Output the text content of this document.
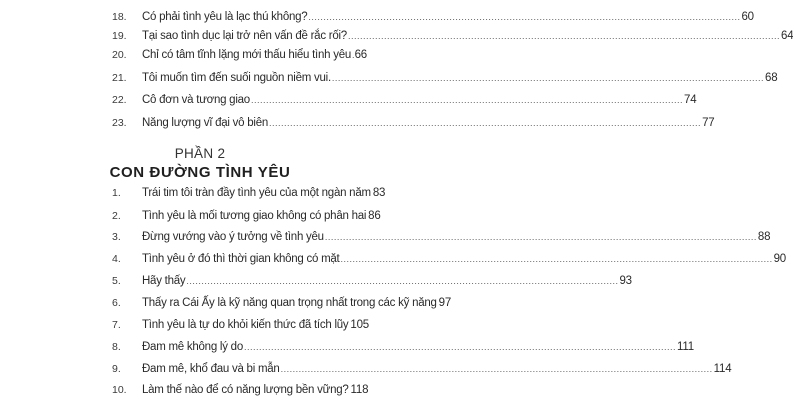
18.	Có phải tình yêu là lạc thú không? ................................................................................................................................................ 60
19.	Tại sao tình dục lại trở nên vấn đề rắc rối? ................................................................................................................................................ 64
20.	Chỉ có tâm tĩnh lặng mới thấu hiểu tình yêu 66
21.	Tôi muốn tìm đến suối nguồn niềm vui. ................................................................................................................................................ 68
22.	Cô đơn và tương giao ................................................................................................................................................ 74
23.	Năng lượng vĩ đại vô biên ................................................................................................................................................ 77
PHẦN 2
CON ĐƯỜNG TÌNH YÊU
1.	Trái tim tôi tràn đầy tình yêu của một ngàn năm 83
2.	Tình yêu là mối tương giao không có phân hai 86
3.	Đừng vướng vào ý tưởng về tình yêu ................................................................................................................................................ 88
4.	Tình yêu ở đó thì thời gian không có mặt ................................................................................................................................................ 90
5.	Hãy thấy ................................................................................................................................................ 93
6.	Thấy ra Cái Ấy là kỹ năng quan trọng nhất trong các kỹ năng 97
7.	Tình yêu là tự do khỏi kiến thức đã tích lũy 105
8.	Đam mê không lý do ................................................................................................................................................ 111
9.	Đam mê, khổ đau và bi mẫn ................................................................................................................................................ 114
10.	Làm thế nào để có năng lượng bền vững? 118
